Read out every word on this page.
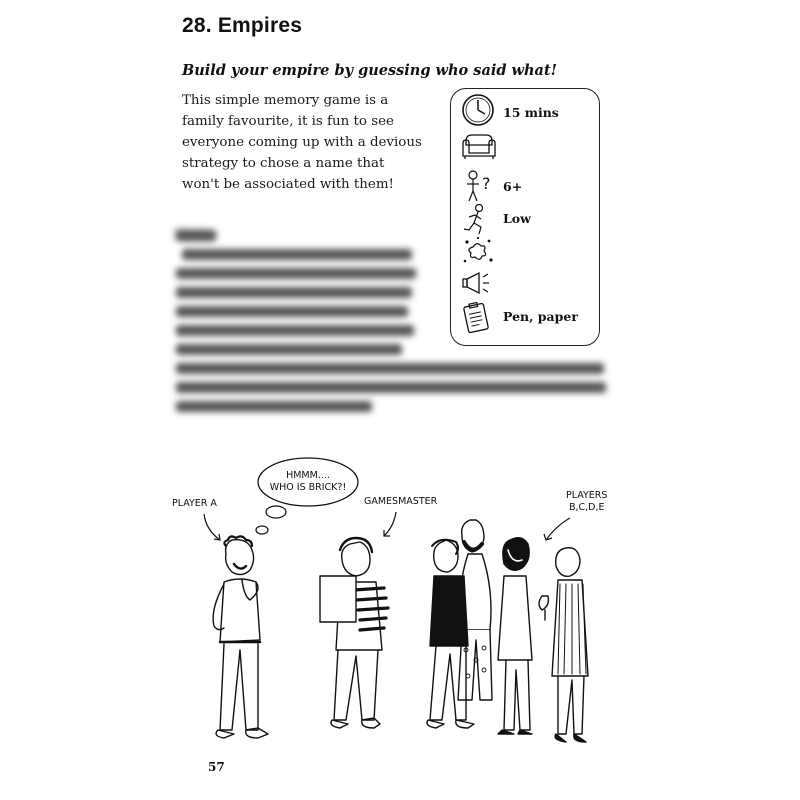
28. Empires
Build your empire by guessing who said what!
This simple memory game is a family favourite, it is fun to see everyone coming up with a devious strategy to chose a name that won't be associated with them!

15 mins
? 6+
Low
Pen, paper
PLAYER A
HMMM....
WHO IS BRICK?!
GAMESMASTER
PLAYERS
B,C,D,E
57
